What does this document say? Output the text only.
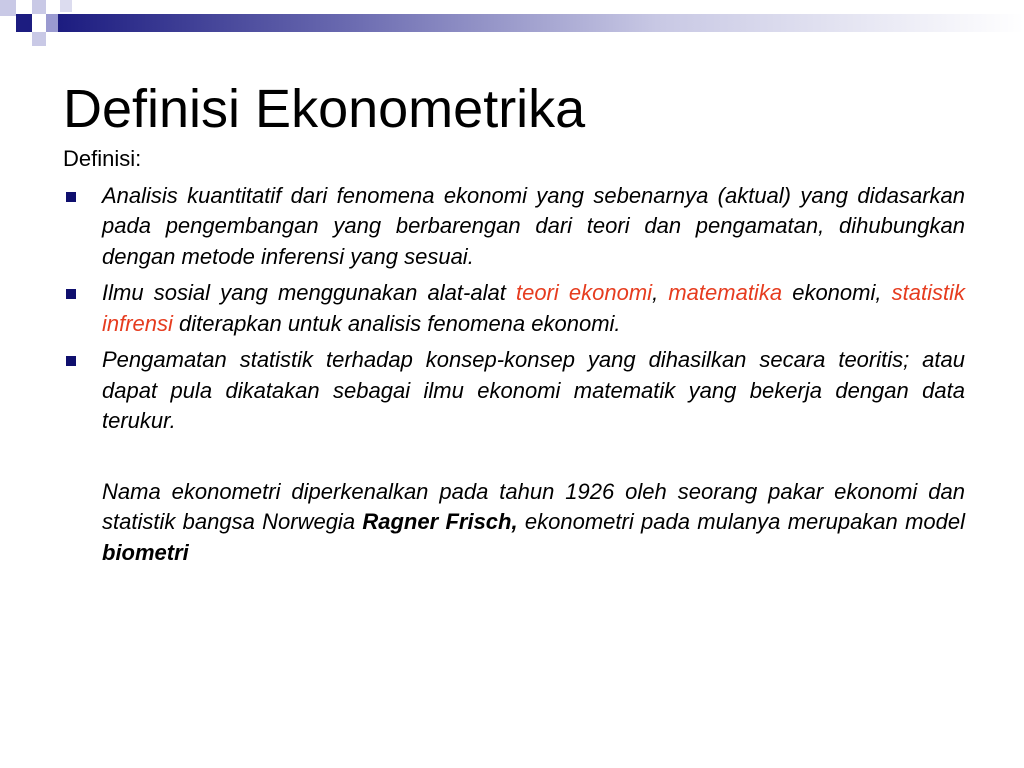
Definisi Ekonometrika

Definisi:

Analisis kuantitatif dari fenomena ekonomi yang sebenarnya (aktual) yang didasarkan pada pengembangan yang berbarengan dari teori dan pengamatan, dihubungkan dengan metode inferensi yang sesuai.
Ilmu sosial yang menggunakan alat-alat teori ekonomi, matematika ekonomi, statistik infrensi diterapkan untuk analisis fenomena ekonomi.
Pengamatan statistik terhadap konsep-konsep yang dihasilkan secara teoritis; atau dapat pula dikatakan sebagai ilmu ekonomi matematik yang bekerja dengan data terukur.

Nama ekonometri diperkenalkan pada tahun 1926 oleh seorang pakar ekonomi dan statistik bangsa Norwegia Ragner Frisch, ekonometri pada mulanya merupakan model biometri
